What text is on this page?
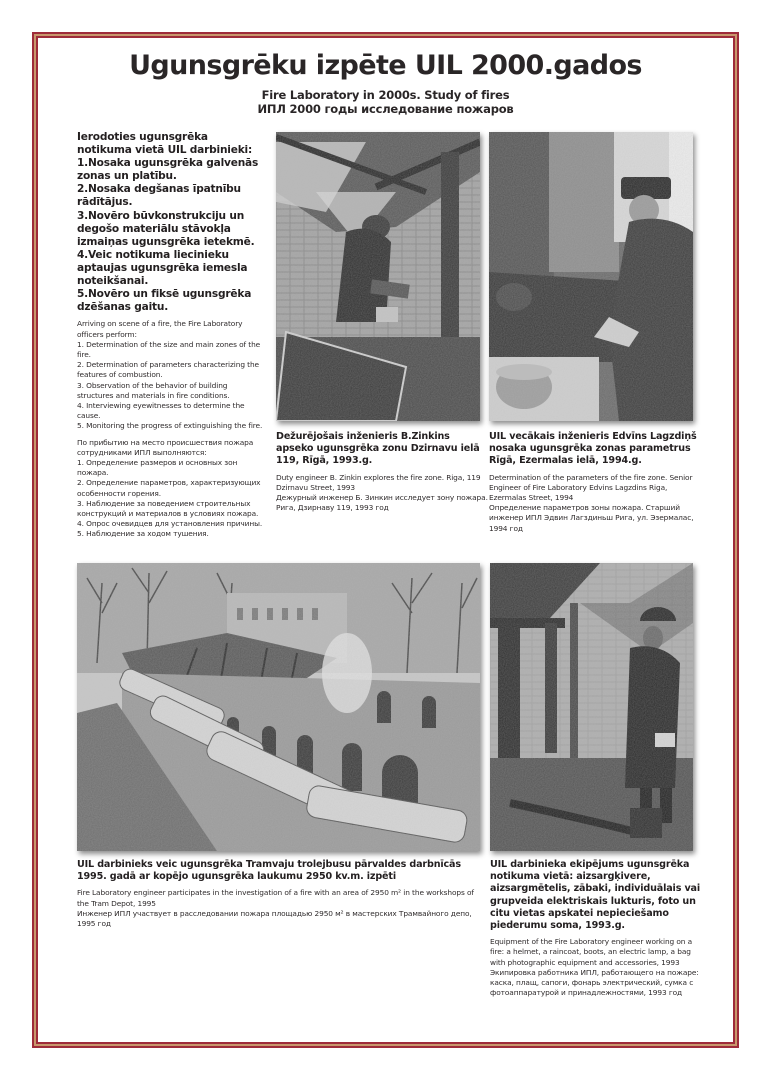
Ugunsgrēku izpēte UIL 2000.gados
Fire Laboratory in 2000s. Study of fires
ИПЛ 2000 годы исследование пожаров
Ierodoties ugunsgrēka notikuma vietā UIL darbinieki:
1.Nosaka ugunsgrēka galvenās zonas un platību.
2.Nosaka degšanas īpatnību rādītājus.
3.Novēro būvkonstrukciju un degošo materiālu stāvokļa izmaiņas ugunsgrēka ietekmē.
4.Veic notikuma liecinieku aptaujas ugunsgrēka iemesla noteikšanai.
5.Novēro un fiksē ugunsgrēka dzēšanas gaitu.
Arriving on scene of a fire, the Fire Laboratory officers perform:
1. Determination of the size and main zones of the fire.
2. Determination of parameters characterizing the features of combustion.
3. Observation of the behavior of building structures and materials in fire conditions.
4. Interviewing eyewitnesses to determine the cause.
5. Monitoring the progress of extinguishing the fire.
По прибытию на место происшествия пожара сотрудниками ИПЛ выполняются:
1. Определение размеров и основных зон пожара.
2. Определение параметров, характеризующих особенности горения.
3. Наблюдение за поведением строительных конструкций и материалов в условиях пожара.
4. Опрос очевидцев для установления причины.
5. Наблюдение за ходом тушения.
Dežurējošais inženieris B.Zinkins apseko ugunsgrēka zonu Dzirnavu ielā 119, Rīgā, 1993.g.
Duty engineer B. Zinkin explores the fire zone. Riga, 119 Dzirnavu Street, 1993
Дежурный инженер Б. Зинкин исследует зону пожара. Рига, Дзирнаву 119, 1993 год
UIL vecākais inženieris Edvīns Lagzdiņš nosaka ugunsgrēka zonas parametrus Rīgā, Ezermalas ielā, 1994.g.
Determination of the parameters of the fire zone. Senior Engineer of Fire Laboratory Edvins Lagzdins Riga, Ezermalas Street, 1994
Определение параметров зоны пожара. Старший инженер ИПЛ Эдвин Лагздиньш Рига, ул. Эзермалас, 1994 год
UIL darbinieks veic ugunsgrēka Tramvaju trolejbusu pārvaldes darbnīcās 1995. gadā ar kopējo ugunsgrēka laukumu 2950 kv.m. izpēti
Fire Laboratory engineer participates in the investigation of a fire with an area of 2950 m² in the workshops of the Tram Depot, 1995
Инженер ИПЛ участвует в расследовании пожара площадью 2950 м² в мастерских Трамвайного депо, 1995 год
UIL darbinieka ekipējums ugunsgrēka notikuma vietā: aizsargķivere, aizsargmētelis, zābaki, individuālais vai grupveida elektriskais lukturis, foto un citu vietas apskatei nepieciešamo piederumu soma, 1993.g.
Equipment of the Fire Laboratory engineer working on a fire: a helmet, a raincoat, boots, an electric lamp, a bag with photographic equipment and accessories, 1993
Экипировка работника ИПЛ, работающего на пожаре: каска, плащ, сапоги, фонарь электрический, сумка с фотоаппаратурой и принадлежностями, 1993 год
